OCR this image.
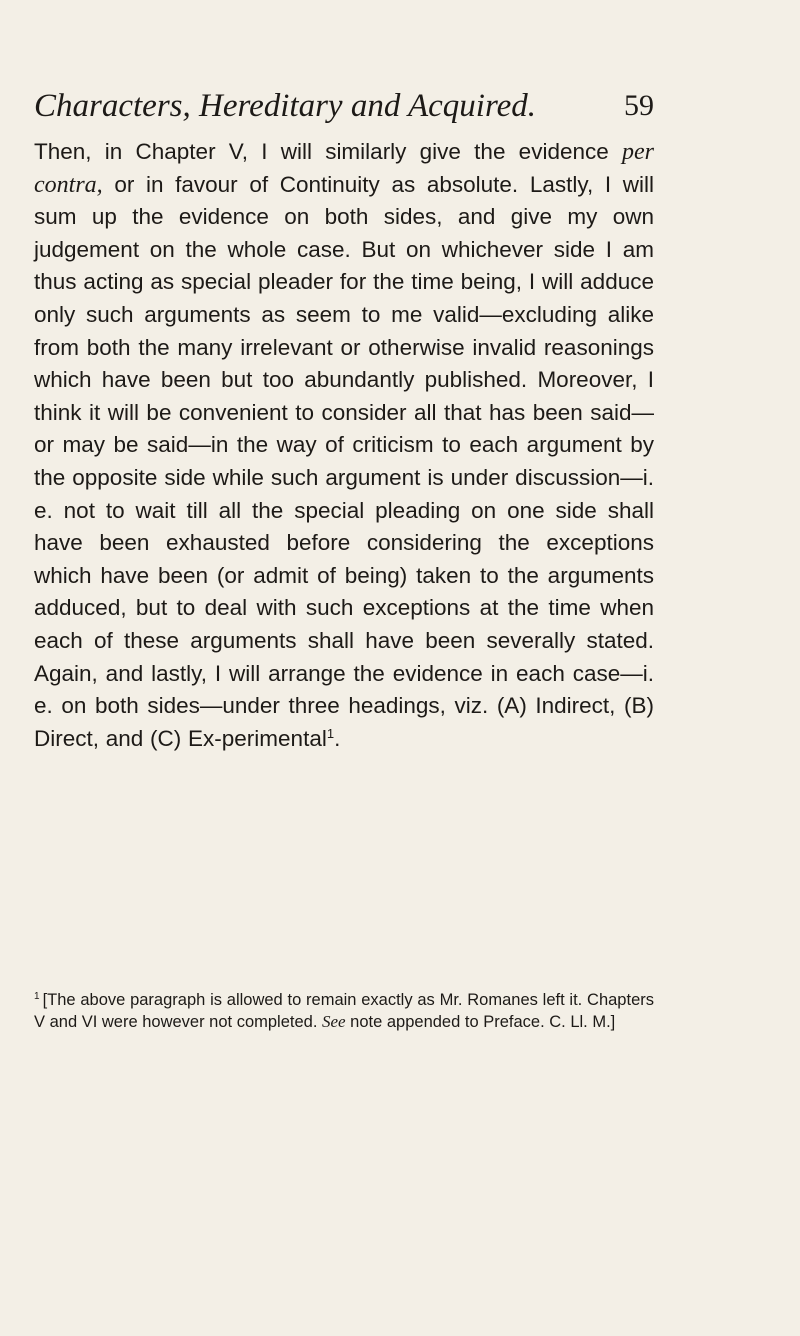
Characters, Hereditary and Acquired.	59
Then, in Chapter V, I will similarly give the evidence per contra, or in favour of Continuity as absolute. Lastly, I will sum up the evidence on both sides, and give my own judgement on the whole case. But on whichever side I am thus acting as special pleader for the time being, I will adduce only such arguments as seem to me valid—excluding alike from both the many irrelevant or otherwise invalid reasonings which have been but too abundantly published. Moreover, I think it will be convenient to consider all that has been said—or may be said—in the way of criticism to each argument by the opposite side while such argument is under discussion—i. e. not to wait till all the special pleading on one side shall have been exhausted before considering the exceptions which have been (or admit of being) taken to the arguments adduced, but to deal with such exceptions at the time when each of these arguments shall have been severally stated. Again, and lastly, I will arrange the evidence in each case—i. e. on both sides—under three headings, viz. (A) Indirect, (B) Direct, and (C) Ex-perimental$^1$.
$^1$ [The above paragraph is allowed to remain exactly as Mr. Romanes left it. Chapters V and VI were however not completed. See note appended to Preface. C. Ll. M.]
